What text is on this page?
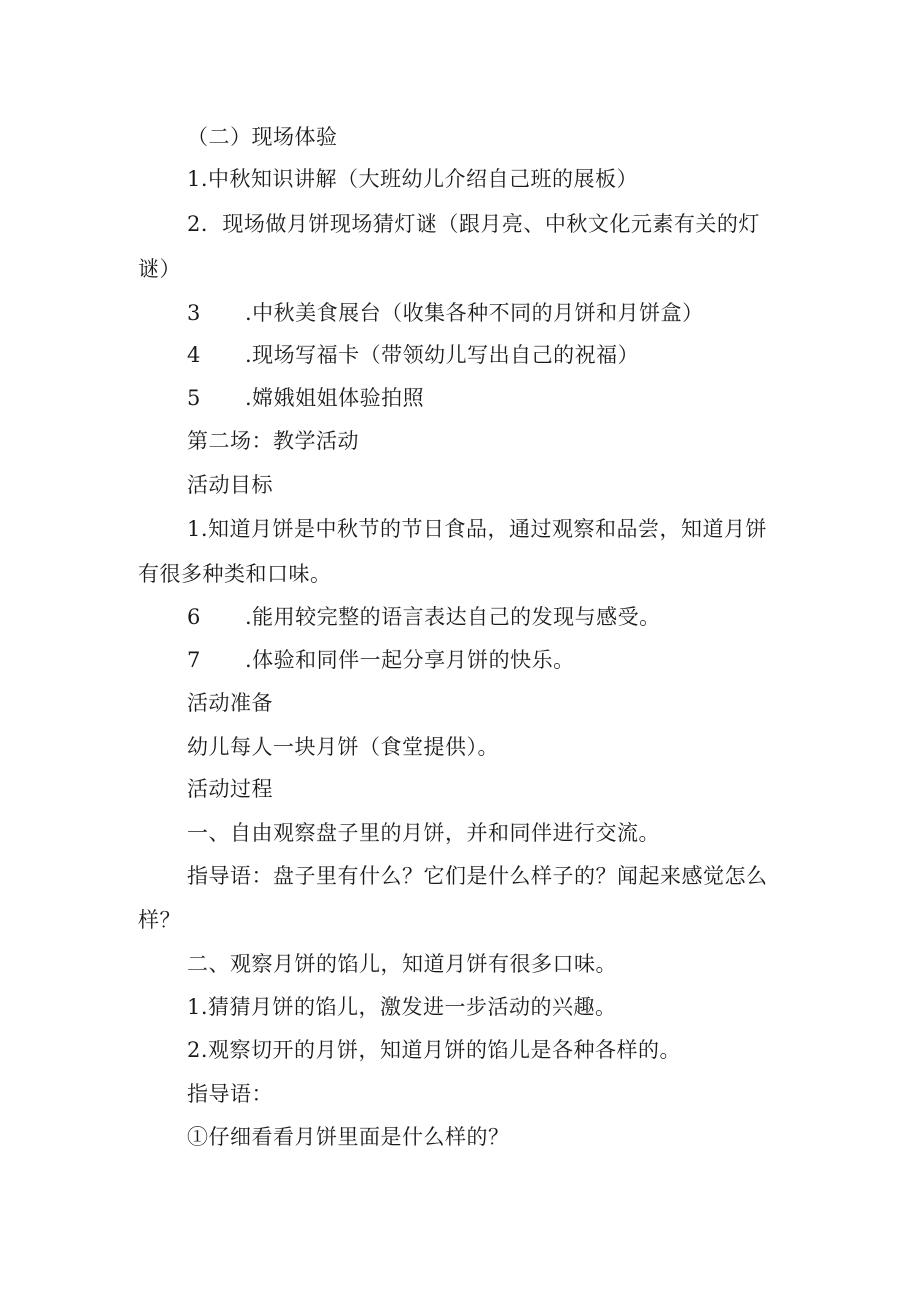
（二）现场体验
1.中秋知识讲解（大班幼儿介绍自己班的展板）
2．现场做月饼现场猜灯谜（跟月亮、中秋文化元素有关的灯
谜）
3 .中秋美食展台（收集各种不同的月饼和月饼盒）
4 .现场写福卡（带领幼儿写出自己的祝福）
5 .嫦娥姐姐体验拍照
第二场：教学活动
活动目标
1.知道月饼是中秋节的节日食品，通过观察和品尝，知道月饼
有很多种类和口味。
6 .能用较完整的语言表达自己的发现与感受。
7 .体验和同伴一起分享月饼的快乐。
活动准备
幼儿每人一块月饼（食堂提供）。
活动过程
一、自由观察盘子里的月饼，并和同伴进行交流。
指导语：盘子里有什么？它们是什么样子的？闻起来感觉怎么
样？
二、观察月饼的馅儿，知道月饼有很多口味。
1.猜猜月饼的馅儿，激发进一步活动的兴趣。
2.观察切开的月饼，知道月饼的馅儿是各种各样的。
指导语：
①仔细看看月饼里面是什么样的？
